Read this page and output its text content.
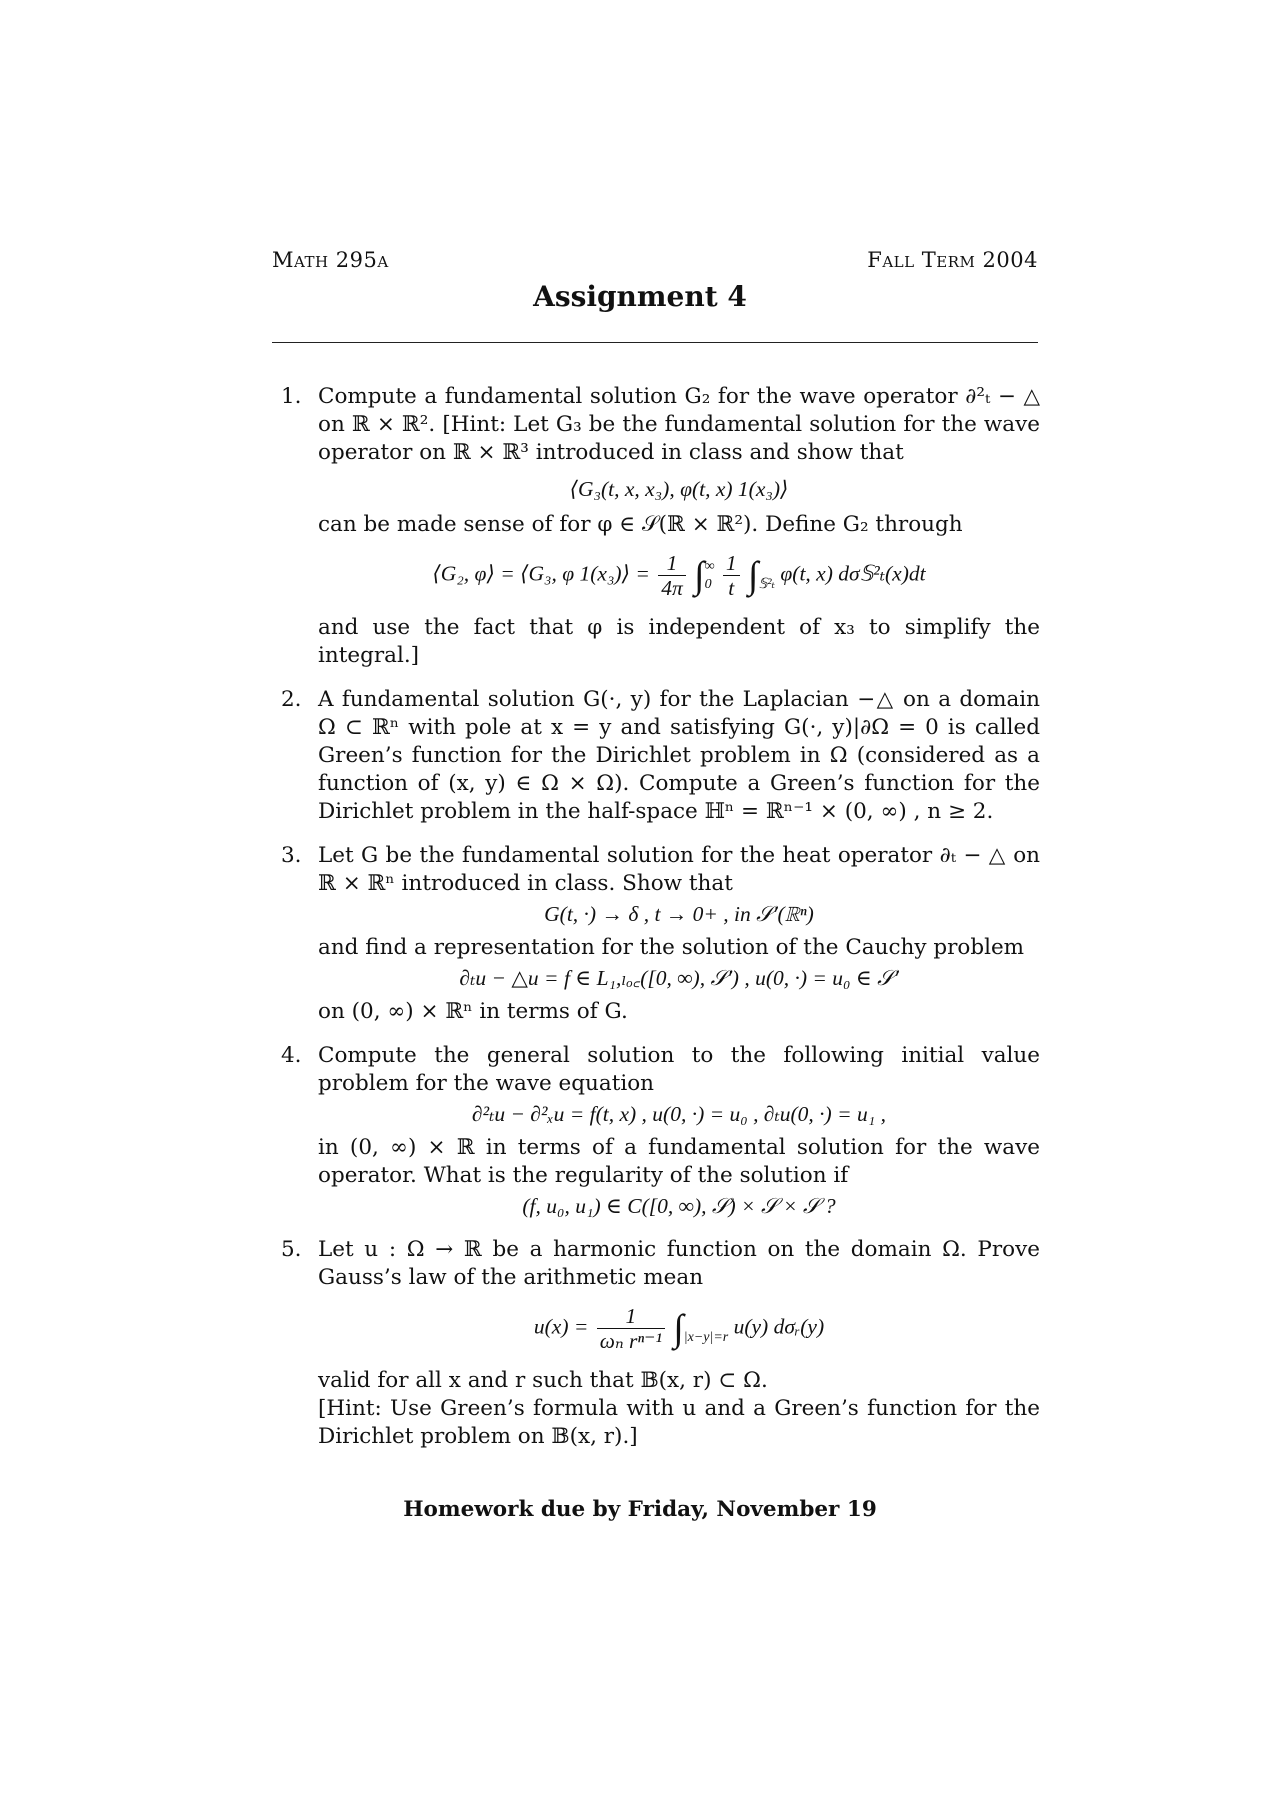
Math 295a	Fall Term 2004
Assignment 4
1. Compute a fundamental solution G₂ for the wave operator ∂²ₜ − △ on ℝ × ℝ². [Hint: Let G₃ be the fundamental solution for the wave operator on ℝ × ℝ³ introduced in class and show that
⟨G₃(t, x, x₃), φ(t, x) 1(x₃)⟩
can be made sense of for φ ∈ 𝒮(ℝ × ℝ²). Define G₂ through
⟨G₂, φ⟩ = ⟨G₃, φ 1(x₃)⟩ = $\frac{1}{4\pi}$ ∫∞
$0 \frac{1}{t}$ ∫
𝕊²ₜ φ(t, x) dσ𝕊²ₜ(x)dt
and use the fact that φ is independent of x₃ to simplify the integral.]
2. A fundamental solution G(·, y) for the Laplacian −△ on a domain Ω ⊂ ℝⁿ with pole at x = y and satisfying G(·, y)|∂Ω = 0 is called Green’s function for the Dirichlet problem in Ω (considered as a function of (x, y) ∈ Ω × Ω). Compute a Green’s function for the Dirichlet problem in the half-space ℍⁿ = ℝⁿ⁻¹ × (0, ∞) , n ≥ 2.
3. Let G be the fundamental solution for the heat operator ∂ₜ − △ on ℝ × ℝⁿ introduced in class. Show that
G(t, ·) → δ , t → 0+ , in 𝒮′(ℝⁿ)
and find a representation for the solution of the Cauchy problem
∂ₜu − △u = f ∈ L₁,ₗₒ꜀([0, ∞), 𝒮′) , u(0, ·) = u₀ ∈ 𝒮′
on (0, ∞) × ℝⁿ in terms of G.
4. Compute the general solution to the following initial value problem for the wave equation
∂²ₜu − ∂²ₓu = f(t, x) , u(0, ·) = u₀ , ∂ₜu(0, ·) = u₁ ,
in (0, ∞) × ℝ in terms of a fundamental solution for the wave operator. What is the regularity of the solution if
(f, u₀, u₁) ∈ C([0, ∞), 𝒮) × 𝒮 × 𝒮 ?
5. Let u : Ω → ℝ be a harmonic function on the domain Ω. Prove Gauss’s law of the arithmetic mean
$u(x) = \frac{1}{\text{ωₙ rⁿ⁻¹}}$ ∫
|x−y|=r u(y) dσᵣ(y)
valid for all x and r such that 𝔹(x, r) ⊂ Ω.
[Hint: Use Green’s formula with u and a Green’s function for the Dirichlet problem on 𝔹(x, r).]
Homework due by Friday, November 19
